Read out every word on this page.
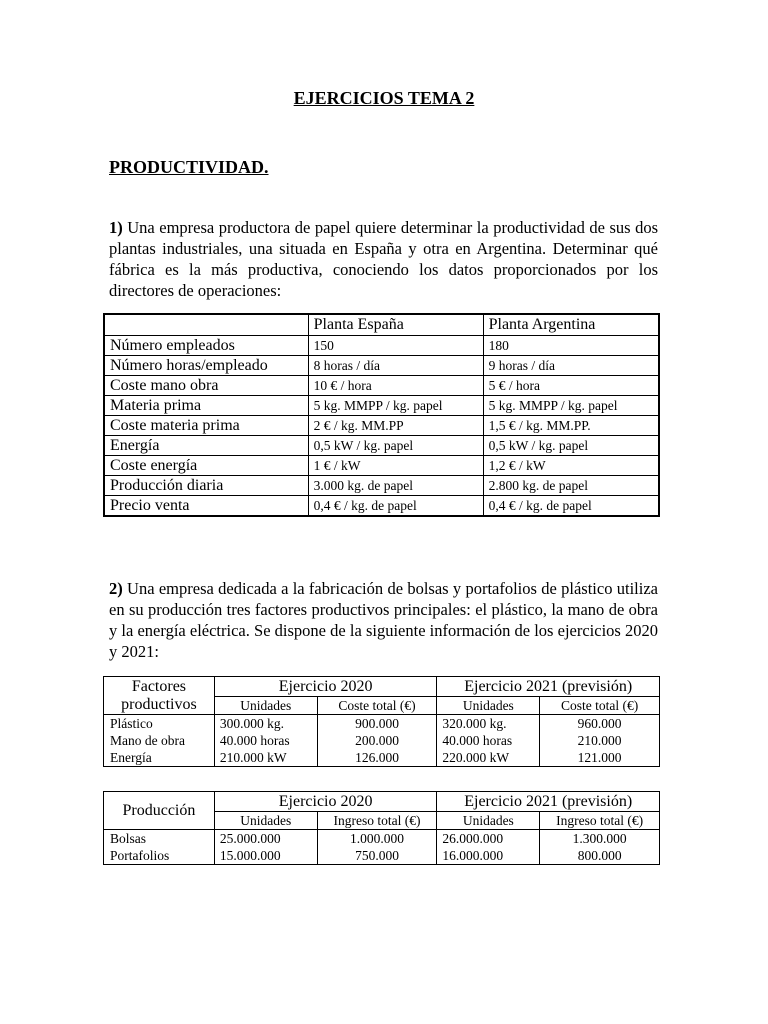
EJERCICIOS TEMA 2
PRODUCTIVIDAD.
1) Una empresa productora de papel quiere determinar la productividad de sus dos plantas industriales, una situada en España y otra en Argentina. Determinar qué fábrica es la más productiva, conociendo los datos proporcionados por los directores de operaciones:
	Planta España	Planta Argentina
Número empleados	150	180
Número horas/empleado	8 horas / día	9 horas / día
Coste mano obra	10 € / hora	5 € / hora
Materia prima	5 kg. MMPP / kg. papel	5 kg. MMPP / kg. papel
Coste materia prima	2 € / kg. MM.PP	1,5 € / kg. MM.PP.
Energía	0,5 kW / kg. papel	0,5 kW / kg. papel
Coste energía	1 € / kW	1,2 € / kW
Producción diaria	3.000 kg. de papel	2.800 kg. de papel
Precio venta	0,4 € / kg. de papel	0,4 € / kg. de papel
2) Una empresa dedicada a la fabricación de bolsas y portafolios de plástico utiliza en su producción tres factores productivos principales: el plástico, la mano de obra y la energía eléctrica. Se dispone de la siguiente información de los ejercicios 2020 y 2021:
Factores productivos	Ejercicio 2020		Ejercicio 2021 (previsión)	
	Unidades	Coste total (€)	Unidades	Coste total (€)
Plástico	300.000 kg.	900.000	320.000 kg.	960.000
Mano de obra	40.000 horas	200.000	40.000 horas	210.000
Energía	210.000 kW	126.000	220.000 kW	121.000
Producción	Ejercicio 2020		Ejercicio 2021 (previsión)	
	Unidades	Ingreso total (€)	Unidades	Ingreso total (€)
Bolsas	25.000.000	1.000.000	26.000.000	1.300.000
Portafolios	15.000.000	750.000	16.000.000	800.000
